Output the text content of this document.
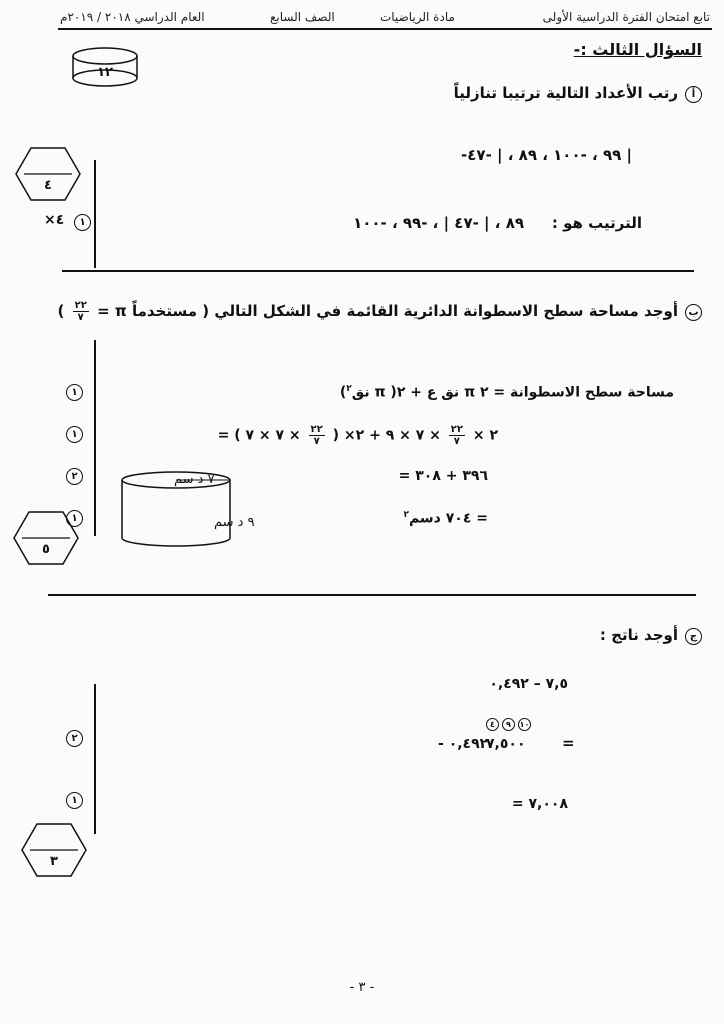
تابع امتحان الفترة الدراسية الأولى
مادة الرياضيات
الصف السابع
العام الدراسي ٢٠١٨ / ٢٠١٩م
السؤال الثالث :-
١٢
أ
رتب الأعداد التالية ترتيبا تنازلياً
-٩٩ ، -١٠٠ ، ٨٩ ، | -٤٧ |
٤
١
×٤	الترتيب هو :
٨٩ ، | -٤٧ | ، -٩٩ ، -١٠٠
ب
أوجد مساحة سطح الاسطوانة الدائرية القائمة في الشكل التالي ( مستخدماً π =
$\frac{٢٢}{٧}$
)
١
١
٢
١
مساحة سطح الاسطوانة = ٢ π نق ع + ٢( π نق$^٢$)
= ٢ ×
$\frac{٢٢}{٧}$
× ٧ × ٩ + ٢× (
$\frac{٢٢}{٧}$
× ٧ × ٧ )
= ٣٩٦ + ٣٠٨
= ٧٠٤ دسم$^٢$
٧ د سم
٩ د سم
٥
ج
أوجد ناتج :
٧,٥ – ٠,٤٩٢
٤	٩	١٠
=
٧,٥٠٠
- ٠,٤٩٢
٢
١	= ٧,٠٠٨
٣
- ٣ -
